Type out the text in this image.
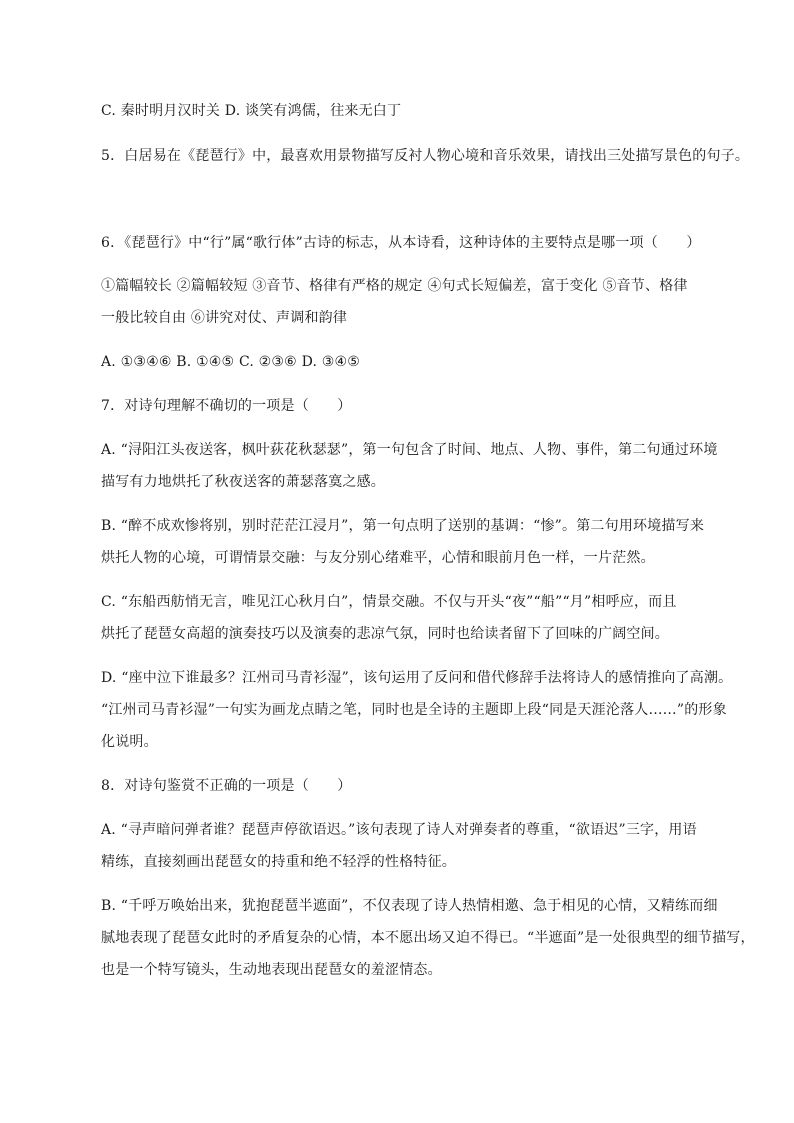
C. 秦时明月汉时关 D. 谈笑有鸿儒，往来无白丁
5．白居易在《琵琶行》中，最喜欢用景物描写反衬人物心境和音乐效果，请找出三处描写景色的句子。
6．《琵琶行》中“行”属“歌行体”古诗的标志，从本诗看，这种诗体的主要特点是哪一项（　　）
①篇幅较长 ②篇幅较短 ③音节、格律有严格的规定 ④句式长短偏差，富于变化 ⑤音节、格律
一般比较自由 ⑥讲究对仗、声调和韵律
A. ①③④⑥ B. ①④⑤ C. ②③⑥ D. ③④⑤
7．对诗句理解不确切的一项是（　　）
A. “浔阳江头夜送客，枫叶荻花秋瑟瑟”，第一句包含了时间、地点、人物、事件，第二句通过环境
描写有力地烘托了秋夜送客的萧瑟落寞之感。
B. “醉不成欢惨将别，别时茫茫江浸月”，第一句点明了送别的基调：“惨”。第二句用环境描写来
烘托人物的心境，可谓情景交融：与友分别心绪难平，心情和眼前月色一样，一片茫然。
C. “东船西舫悄无言，唯见江心秋月白”，情景交融。不仅与开头“夜”“船”“月”相呼应，而且
烘托了琵琶女高超的演奏技巧以及演奏的悲凉气氛，同时也给读者留下了回味的广阔空间。
D. “座中泣下谁最多？江州司马青衫湿”，该句运用了反问和借代修辞手法将诗人的感情推向了高潮。
“江州司马青衫湿”一句实为画龙点睛之笔，同时也是全诗的主题即上段“同是天涯沦落人……”的形象
化说明。
8．对诗句鉴赏不正确的一项是（　　）
A. “寻声暗问弹者谁？琵琶声停欲语迟。”该句表现了诗人对弹奏者的尊重，“欲语迟”三字，用语
精练，直接刻画出琵琶女的持重和绝不轻浮的性格特征。
B. “千呼万唤始出来，犹抱琵琶半遮面”，不仅表现了诗人热情相邀、急于相见的心情，又精练而细
腻地表现了琵琶女此时的矛盾复杂的心情，本不愿出场又迫不得已。“半遮面”是一处很典型的细节描写，
也是一个特写镜头，生动地表现出琵琶女的羞涩情态。
